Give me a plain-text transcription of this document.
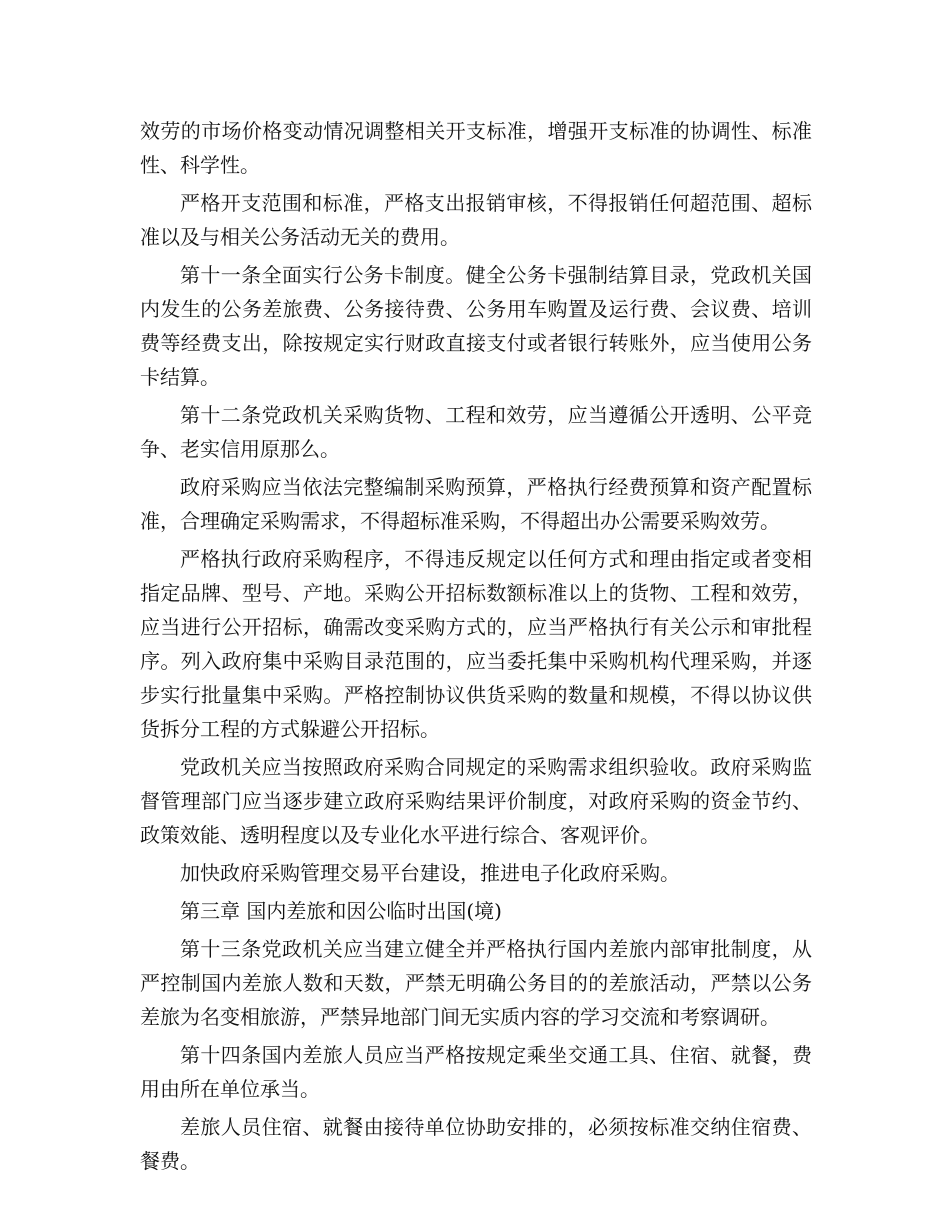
效劳的市场价格变动情况调整相关开支标准，增强开支标准的协调性、标准性、科学性。

严格开支范围和标准，严格支出报销审核，不得报销任何超范围、超标准以及与相关公务活动无关的费用。

第十一条全面实行公务卡制度。健全公务卡强制结算目录，党政机关国内发生的公务差旅费、公务接待费、公务用车购置及运行费、会议费、培训费等经费支出，除按规定实行财政直接支付或者银行转账外，应当使用公务卡结算。

第十二条党政机关采购货物、工程和效劳，应当遵循公开透明、公平竞争、老实信用原那么。

政府采购应当依法完整编制采购预算，严格执行经费预算和资产配置标准，合理确定采购需求，不得超标准采购，不得超出办公需要采购效劳。

严格执行政府采购程序，不得违反规定以任何方式和理由指定或者变相指定品牌、型号、产地。采购公开招标数额标准以上的货物、工程和效劳，应当进行公开招标，确需改变采购方式的，应当严格执行有关公示和审批程序。列入政府集中采购目录范围的，应当委托集中采购机构代理采购，并逐步实行批量集中采购。严格控制协议供货采购的数量和规模，不得以协议供货拆分工程的方式躲避公开招标。

党政机关应当按照政府采购合同规定的采购需求组织验收。政府采购监督管理部门应当逐步建立政府采购结果评价制度，对政府采购的资金节约、政策效能、透明程度以及专业化水平进行综合、客观评价。

加快政府采购管理交易平台建设，推进电子化政府采购。

第三章 国内差旅和因公临时出国(境)

第十三条党政机关应当建立健全并严格执行国内差旅内部审批制度，从严控制国内差旅人数和天数，严禁无明确公务目的的差旅活动，严禁以公务差旅为名变相旅游，严禁异地部门间无实质内容的学习交流和考察调研。

第十四条国内差旅人员应当严格按规定乘坐交通工具、住宿、就餐，费用由所在单位承当。

差旅人员住宿、就餐由接待单位协助安排的，必须按标准交纳住宿费、餐费。
